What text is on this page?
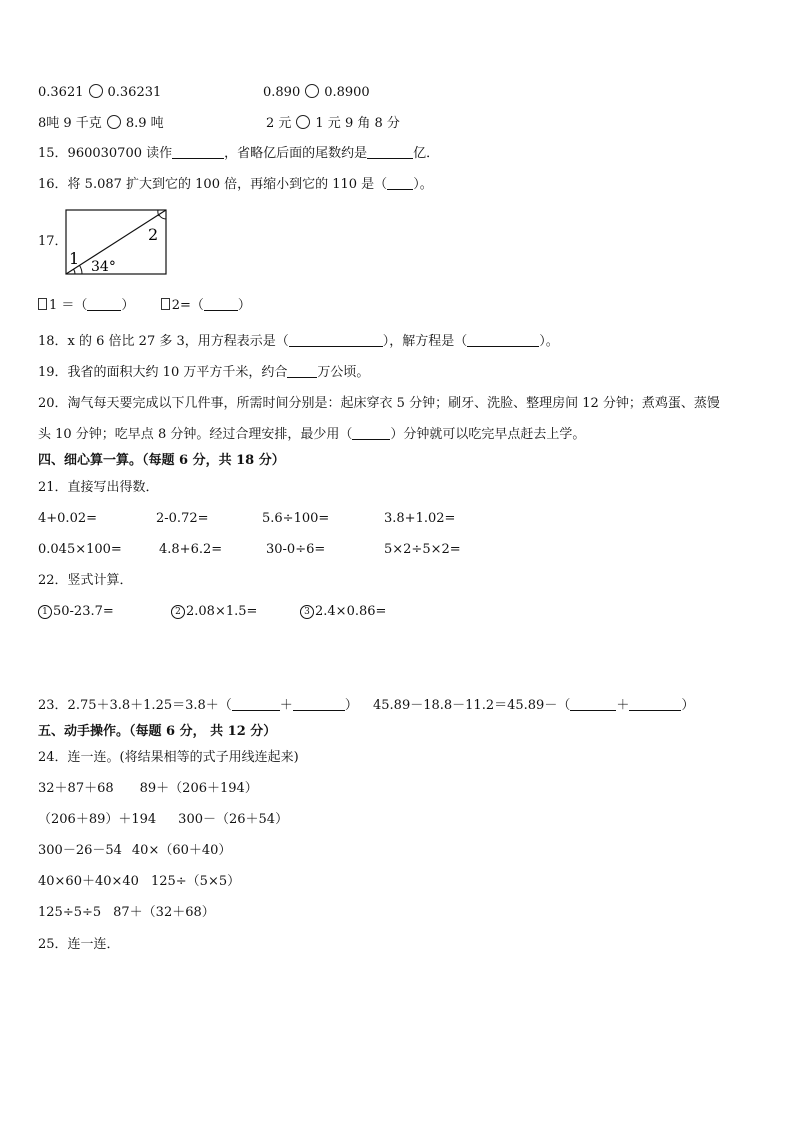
0.3621 0.36231	0.890 0.8900
8吨 9 千克 8.9 吨	2 元 1 元 9 角 8 分
15．960030700 读作	，省略亿后面的尾数约是	亿．
16．将 5.087 扩大到它的 100 倍，再缩小到它的 110 是（ ）。
17．
1
2
34°
1 ＝（	）	2=（	）
18．x 的 6 倍比 27 多 3，用方程表示是（	），解方程是（	）。
19．我省的面积大约 10 万平方千米，约合 万公顷。
20．淘气每天要完成以下几件事，所需时间分别是：起床穿衣 5 分钟；刷牙、洗脸、整理房间 12 分钟；煮鸡蛋、蒸馒
头 10 分钟；吃早点 8 分钟。经过合理安排，最少用（	）分钟就可以吃完早点赶去上学。
四、细心算一算。（每题 6 分，共 18 分）
21．直接写出得数．
4+0.02=	2-0.72=	5.6÷100=	3.8+1.02=
0.045×100=	4.8+6.2=	30-0÷6=	5×2÷5×2=
22．竖式计算．
1 50-23.7=	2 2.08×1.5=	3 2.4×0.86=
23．2.75＋3.8＋1.25＝3.8＋（	＋	） 45.89－18.8－11.2＝45.89－（	＋	）
五、动手操作。（每题 6 分， 共 12 分）
24．连一连。(将结果相等的式子用线连起来)
32＋87＋68 89＋（206＋194）
（206＋89）＋194 300－（26＋54）
300－26－54 40×（60＋40）
40×60＋40×40 125÷（5×5）
125÷5÷5 87＋（32＋68）
25．连一连．
